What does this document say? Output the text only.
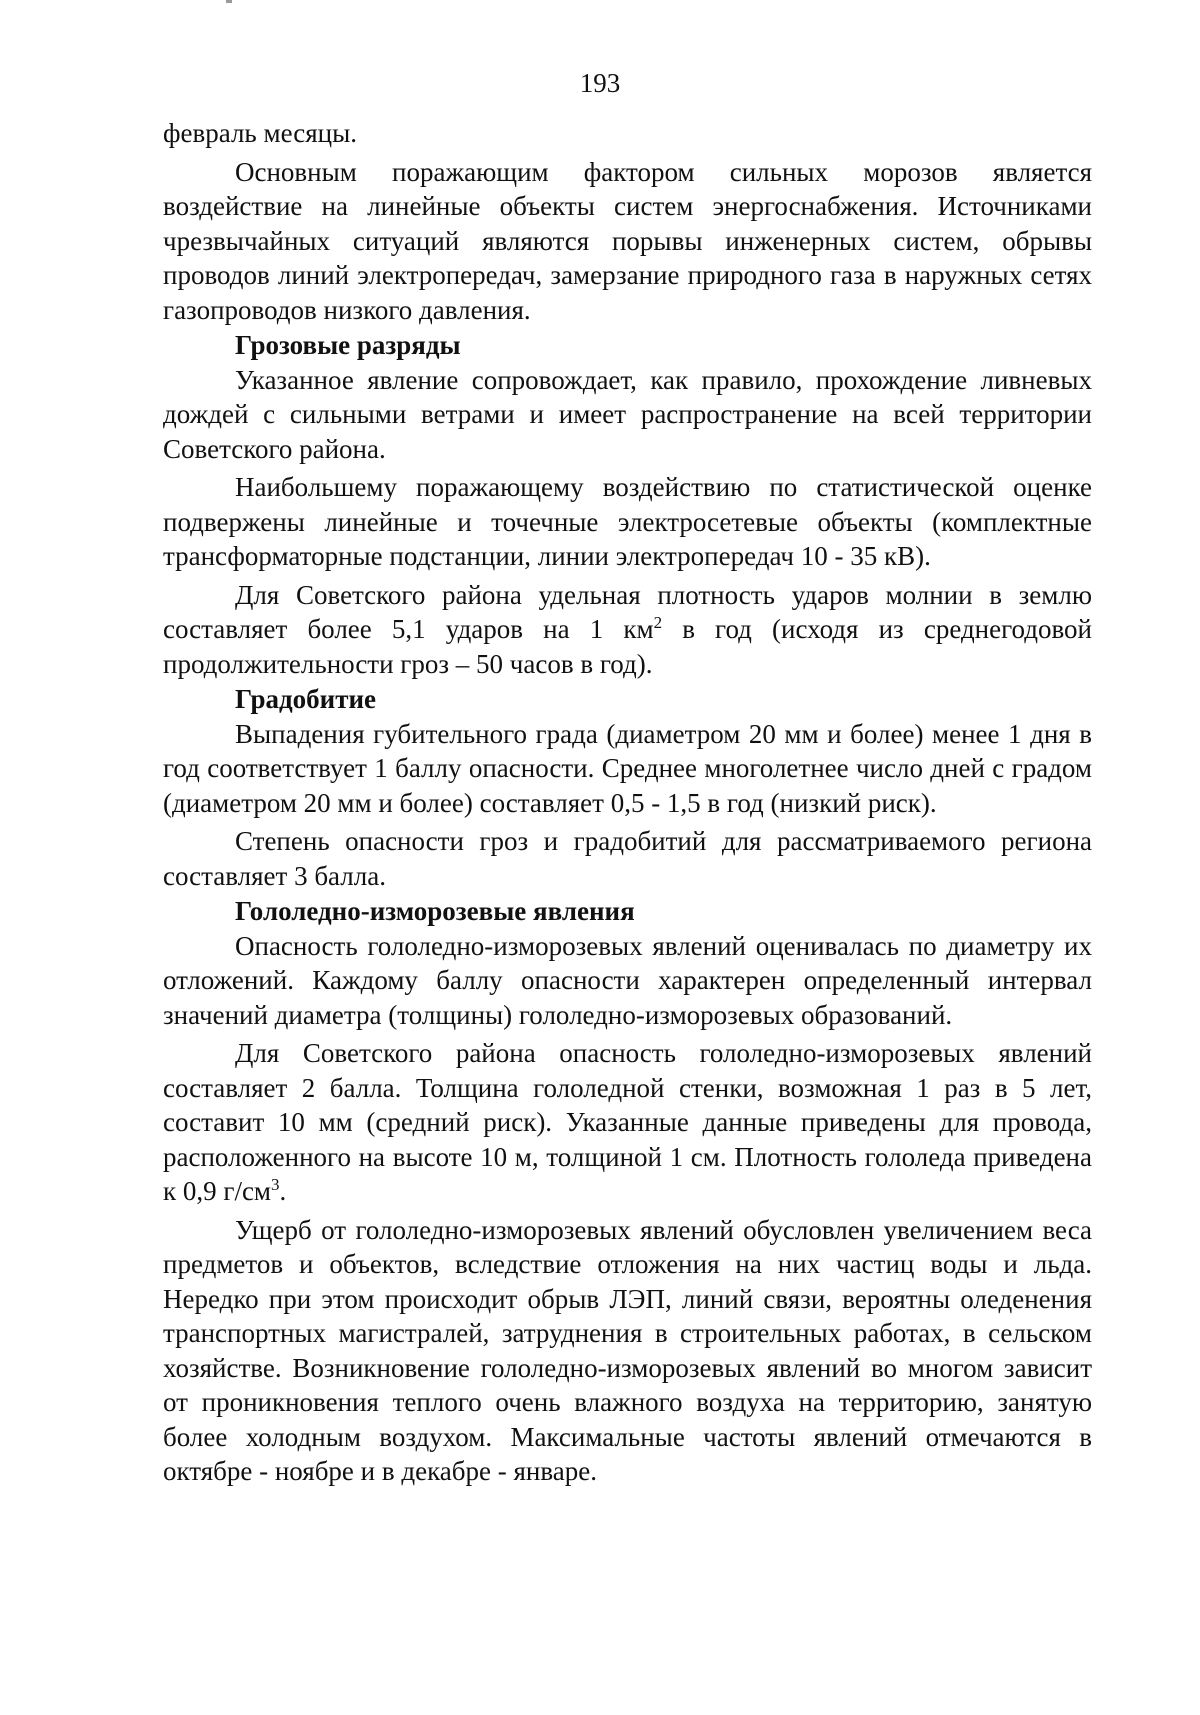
193

февраль месяцы.

Основным поражающим фактором сильных морозов является воздействие на линейные объекты систем энергоснабжения. Источниками чрезвычайных ситуаций являются порывы инженерных систем, обрывы проводов линий электропередач, замерзание природного газа в наружных сетях газопроводов низкого давления.

Грозовые разряды

Указанное явление сопровождает, как правило, прохождение ливневых дождей с сильными ветрами и имеет распространение на всей территории Советского района.

Наибольшему поражающему воздействию по статистической оценке подвержены линейные и точечные электросетевые объекты (комплектные трансформаторные подстанции, линии электропередач 10 - 35 кВ).

Для Советского района удельная плотность ударов молнии в землю составляет более 5,1 ударов на 1 $км^2$ в год (исходя из среднегодовой продолжительности гроз – 50 часов в год).

Градобитие

Выпадения губительного града (диаметром 20 мм и более) менее 1 дня в год соответствует 1 баллу опасности. Среднее многолетнее число дней с градом (диаметром 20 мм и более) составляет 0,5 - 1,5 в год (низкий риск).

Степень опасности гроз и градобитий для рассматриваемого региона составляет 3 балла.

Гололедно-изморозевые явления

Опасность гололедно-изморозевых явлений оценивалась по диаметру их отложений. Каждому баллу опасности характерен определенный интервал значений диаметра (толщины) гололедно-изморозевых образований.

Для Советского района опасность гололедно-изморозевых явлений составляет 2 балла. Толщина гололедной стенки, возможная 1 раз в 5 лет, составит 10 мм (средний риск). Указанные данные приведены для провода, расположенного на высоте 10 м, толщиной 1 см. Плотность гололеда приведена к 0,9 $г/см^3$.

Ущерб от гололедно-изморозевых явлений обусловлен увеличением веса предметов и объектов, вследствие отложения на них частиц воды и льда. Нередко при этом происходит обрыв ЛЭП, линий связи, вероятны оледенения транспортных магистралей, затруднения в строительных работах, в сельском хозяйстве. Возникновение гололедно-изморозевых явлений во многом зависит от проникновения теплого очень влажного воздуха на территорию, занятую более холодным воздухом. Максимальные частоты явлений отмечаются в октябре - ноябре и в декабре - январе.
